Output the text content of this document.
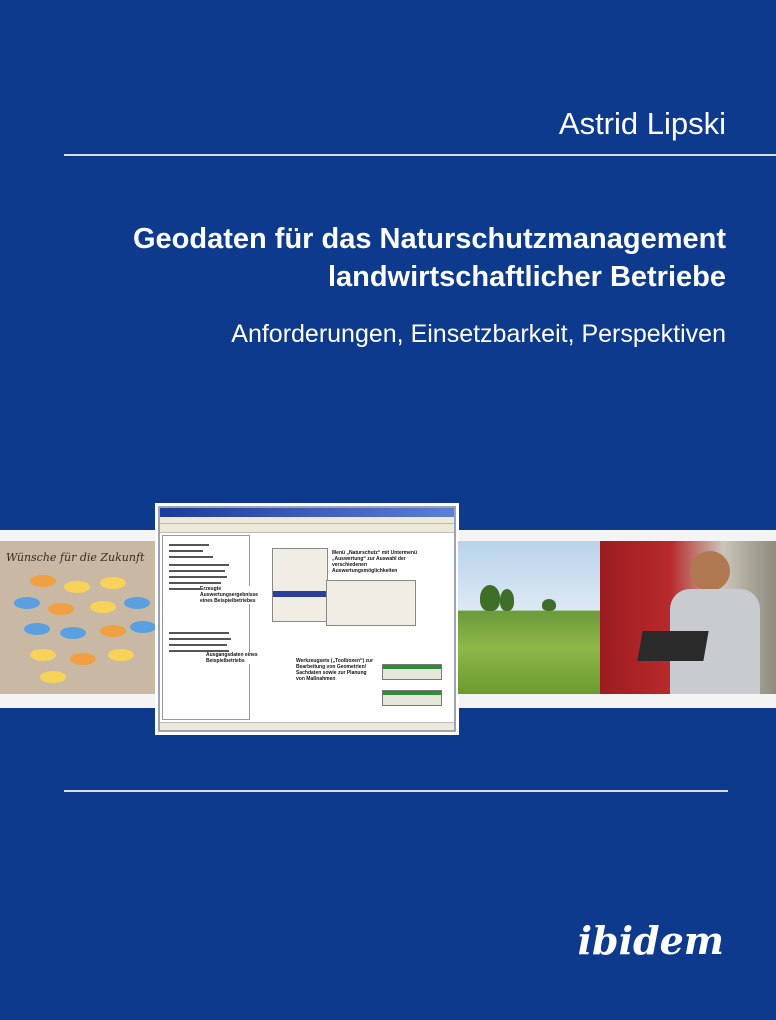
Astrid Lipski
Geodaten für das Naturschutzmanagement
landwirtschaftlicher Betriebe
Anforderungen, Einsetzbarkeit, Perspektiven
Wünsche für die Zukunft	Menü „Naturschutz“ mit Untermenü „Auswertung“ zur Auswahl der verschiedenen Auswertungsmöglichkeiten
Erzeugte Auswertungsergebnisse eines Beispielbetriebes
Ausgangsdaten eines Beispielbetriebs	Werkzeugsets („Toolboxen“) zur Bearbeitung von Geometrien/ Sachdaten sowie zur Planung von Maßnahmen
ibidem
